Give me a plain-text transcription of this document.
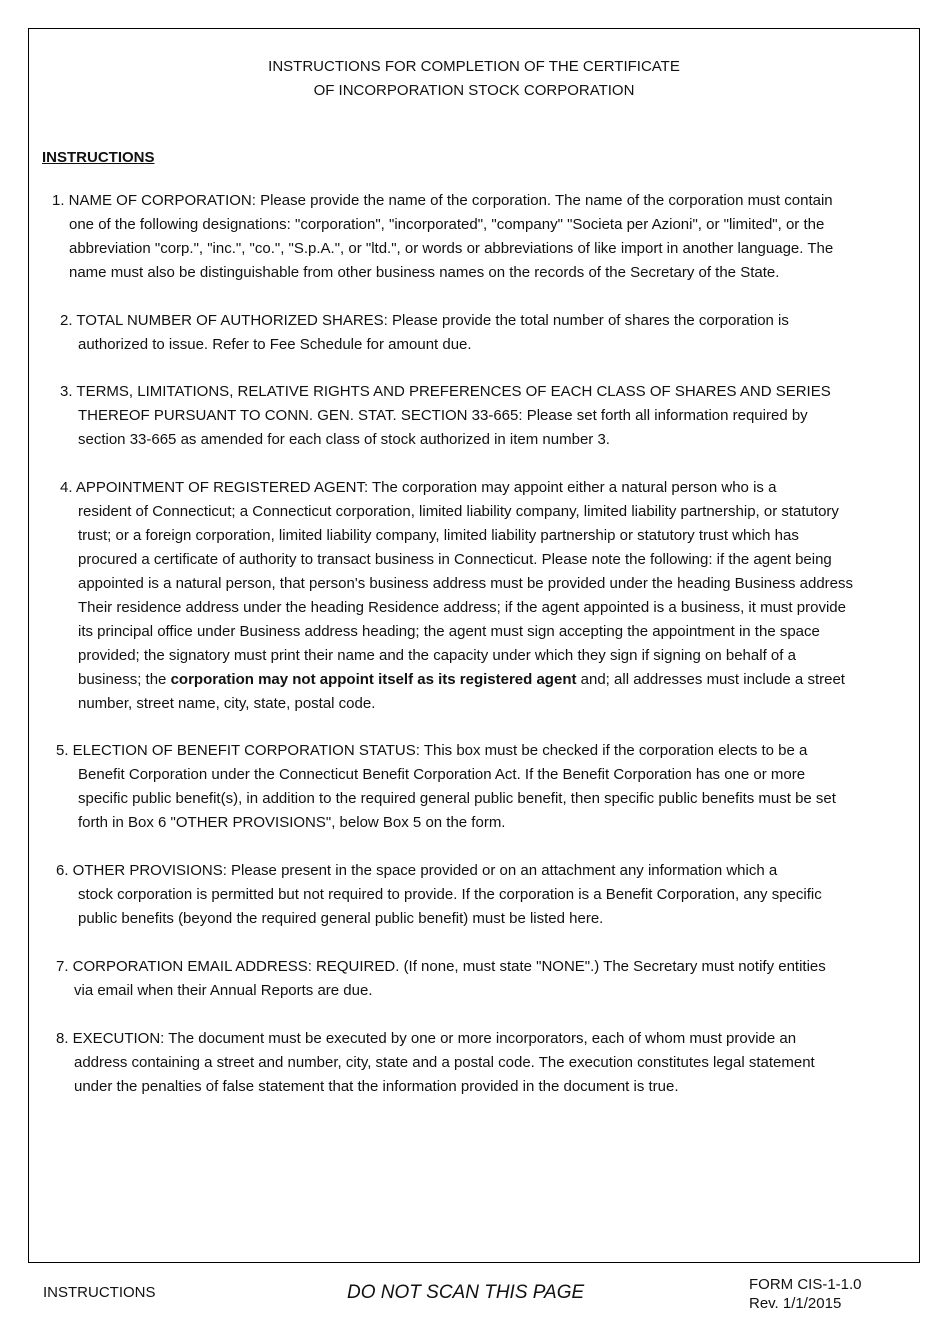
INSTRUCTIONS FOR COMPLETION OF THE CERTIFICATE
OF INCORPORATION STOCK CORPORATION
INSTRUCTIONS
1. NAME OF CORPORATION: Please provide the name of the corporation. The name of the corporation must contain
one of the following designations: "corporation", "incorporated", "company" "Societa per Azioni", or "limited", or the
abbreviation "corp.", "inc.", "co.", "S.p.A.", or "ltd.", or words or abbreviations of like import in another language. The
name must also be distinguishable from other business names on the records of the Secretary of the State.
2. TOTAL NUMBER OF AUTHORIZED SHARES: Please provide the total number of shares the corporation is
authorized to issue. Refer to Fee Schedule for amount due.
3. TERMS, LIMITATIONS, RELATIVE RIGHTS AND PREFERENCES OF EACH CLASS OF SHARES AND SERIES
THEREOF PURSUANT TO CONN. GEN. STAT. SECTION 33-665: Please set forth all information required by
section 33-665 as amended for each class of stock authorized in item number 3.
4. APPOINTMENT OF REGISTERED AGENT: The corporation may appoint either a natural person who is a
resident of Connecticut; a Connecticut corporation, limited liability company, limited liability partnership, or statutory
trust; or a foreign corporation, limited liability company, limited liability partnership or statutory trust which has
procured a certificate of authority to transact business in Connecticut. Please note the following: if the agent being
appointed is a natural person, that person's business address must be provided under the heading Business address
Their residence address under the heading Residence address; if the agent appointed is a business, it must provide
its principal office under Business address heading; the agent must sign accepting the appointment in the space
provided; the signatory must print their name and the capacity under which they sign if signing on behalf of a
business; the corporation may not appoint itself as its registered agent and; all addresses must include a street
number, street name, city, state, postal code.
5. ELECTION OF BENEFIT CORPORATION STATUS: This box must be checked if the corporation elects to be a
Benefit Corporation under the Connecticut Benefit Corporation Act. If the Benefit Corporation has one or more
specific public benefit(s), in addition to the required general public benefit, then specific public benefits must be set
forth in Box 6 "OTHER PROVISIONS", below Box 5 on the form.
6. OTHER PROVISIONS: Please present in the space provided or on an attachment any information which a
stock corporation is permitted but not required to provide. If the corporation is a Benefit Corporation, any specific
public benefits (beyond the required general public benefit) must be listed here.
7. CORPORATION EMAIL ADDRESS: REQUIRED. (If none, must state "NONE".) The Secretary must notify entities
via email when their Annual Reports are due.
8. EXECUTION: The document must be executed by one or more incorporators, each of whom must provide an
address containing a street and number, city, state and a postal code. The execution constitutes legal statement
under the penalties of false statement that the information provided in the document is true.
INSTRUCTIONS	DO NOT SCAN THIS PAGE	FORM CIS-1-1.0
Rev. 1/1/2015
